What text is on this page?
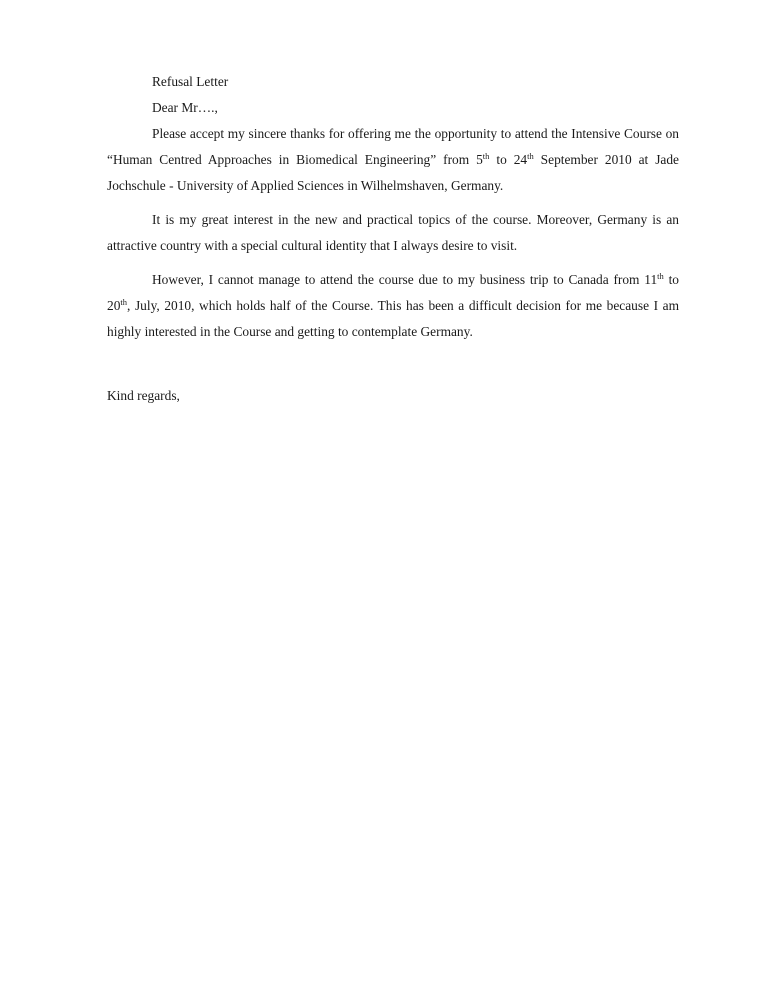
Refusal Letter
Dear Mr….,

Please accept my sincere thanks for offering me the opportunity to attend the Intensive Course on “Human Centred Approaches in Biomedical Engineering” from 5th to 24th September 2010 at Jade Jochschule - University of Applied Sciences in Wilhelmshaven, Germany.

It is my great interest in the new and practical topics of the course. Moreover, Germany is an attractive country with a special cultural identity that I always desire to visit.

However, I cannot manage to attend the course due to my business trip to Canada from 11th to 20th, July, 2010, which holds half of the Course. This has been a difficult decision for me because I am highly interested in the Course and getting to contemplate Germany.

Kind regards,
